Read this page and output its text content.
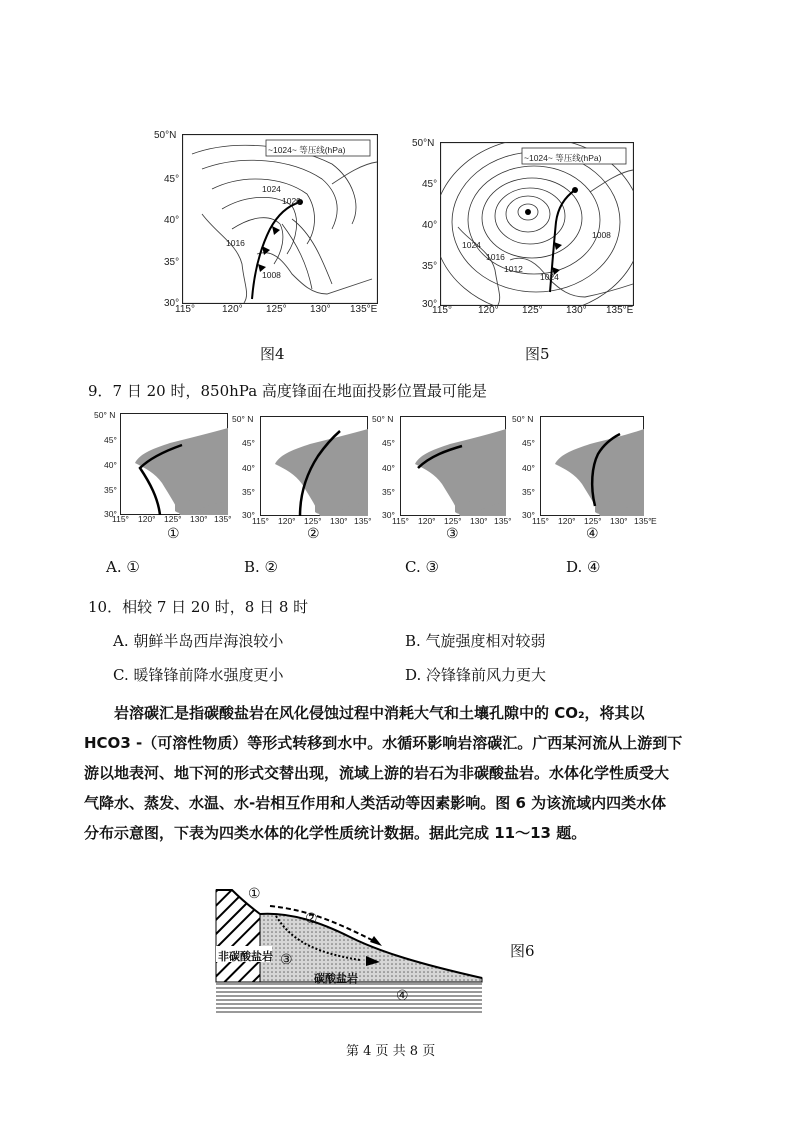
50°N
45°
40°
35°
30°
115°	120° 125° 130° 135°E
~1024~ 等压线(hPa)
1024
1020
1016
1008
50°N
45°
40°
35°
30°
115°	120° 125° 130° 135°E
~1024~ 等压线(hPa)
1024
1016
1012
1024
1008
图4	图5
9．7 日 20 时，850hPa 高度锋面在地面投影位置最可能是
50° N
45°
40°
35°
30°
115° 120° 125° 130° 135°
①
50° N
45°
40°
35°
30°
115° 120° 125° 130° 135°
②
50° N
45°
40°
35°
30°
115° 120° 125° 130° 135°
③
50° N
45°
40°
35°
30°
115° 120° 125° 130° 135° E
④
A. ①	B. ②	C. ③	D. ④
10．相较 7 日 20 时，8 日 8 时
A. 朝鲜半岛西岸海浪较小	B. 气旋强度相对较弱
C. 暖锋锋前降水强度更小	D. 冷锋锋前风力更大

岩溶碳汇是指碳酸盐岩在风化侵蚀过程中消耗大气和土壤孔隙中的 CO₂，将其以

HCO3 -（可溶性物质）等形式转移到水中。水循环影响岩溶碳汇。广西某河流从上游到下

游以地表河、地下河的形式交替出现，流域上游的岩石为非碳酸盐岩。水体化学性质受大

气降水、蒸发、水温、水-岩相互作用和人类活动等因素影响。图 6 为该流域内四类水体

分布示意图，下表为四类水体的化学性质统计数据。据此完成 11～13 题。

①
②
③
④
非碳酸盐岩
碳酸盐岩
图6
第 4 页 共 8 页
